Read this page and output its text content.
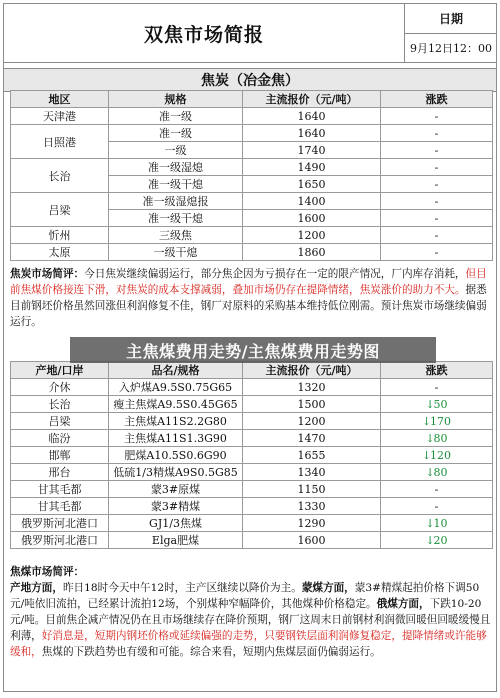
双焦市场简报
日期
9月12日12：00
焦炭（冶金焦）
地区	规格	主流报价（元/吨）	涨跌
天津港	准一级	1640	-
日照港	准一级	1640	-
	一级	1740	-
长治	准一级湿熄	1490	-
	准一级干熄	1650	-
吕梁	准一级湿熄报	1400	-
	准一级干熄	1600	-
忻州	三级焦	1200	-
太原	一级干熄	1860	-
焦炭市场简评：今日焦炭继续偏弱运行，部分焦企因为亏损存在一定的限产情况，厂内库存消耗，但目前焦煤价格接连下滑，对焦炭的成本支撑减弱，叠加市场仍存在提降情绪，焦炭涨价的助力不大。据悉目前钢坯价格虽然回涨但利润修复不佳，钢厂对原料的采购基本维持低位刚需。预计焦炭市场继续偏弱运行。
产地/口岸	品名/规格	主流报价（元/吨）	涨跌
介休	入炉煤A9.5S0.75G65	1320	-
长治	瘦主焦煤A9.5S0.45G65	1500	↓50
吕梁	主焦煤A11S2.2G80	1200	↓170
临汾	主焦煤A11S1.3G90	1470	↓80
邯郸	肥煤A10.5S0.6G90	1655	↓120
邢台	低硫1/3精煤A9S0.5G85	1340	↓80
甘其毛都	蒙3#原煤	1150	-
甘其毛都	蒙3#精煤	1330	-
俄罗斯河北港口	GJ1/3焦煤	1290	↓10
俄罗斯河北港口	Elga肥煤	1600	↓20
焦煤市场简评：
产地方面，昨日18时今天中午12时，主产区继续以降价为主。蒙煤方面，蒙3#精煤起拍价格下调50元/吨依旧流拍，已经累计流拍12场，个别煤种窄幅降价，其他煤种价格稳定。俄煤方面，下跌10-20元/吨。目前焦企减产情况仍在且市场继续存在降价预期，钢厂这周末日前钢材利润微回暖但回暖缓慢且利薄，好消息是，短期内钢坯价格或延续偏强的走势，只要钢铁层面利润修复稳定，提降情绪或许能够缓和，焦煤的下跌趋势也有缓和可能。综合来看，短期内焦煤层面仍偏弱运行。
主焦煤费用走势/主焦煤费用走势图
